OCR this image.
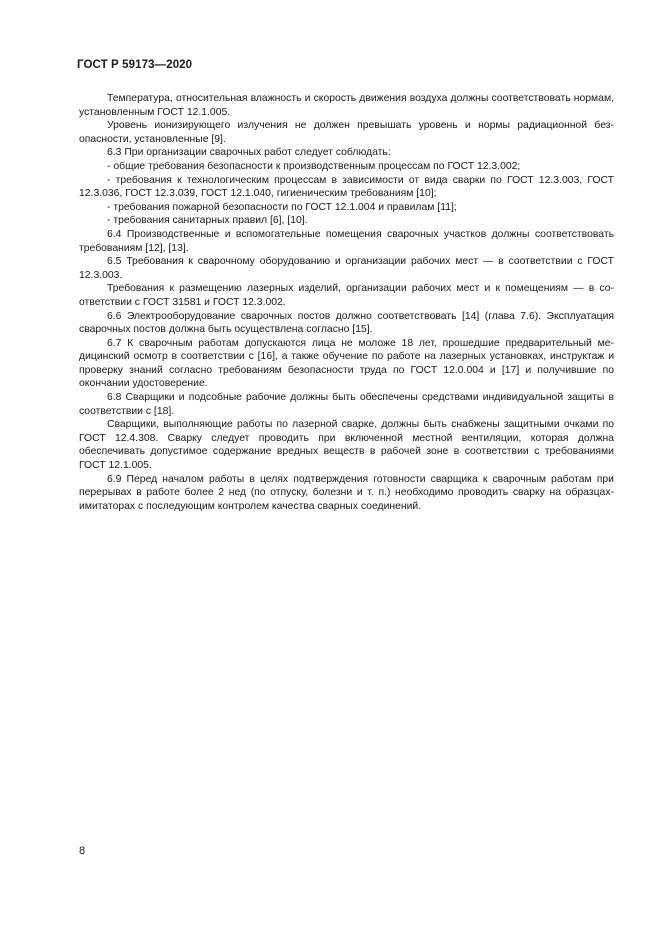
ГОСТ Р 59173—2020

Температура, относительная влажность и скорость движения воздуха должны соответствовать нормам, установленным ГОСТ 12.1.005.

Уровень ионизирующего излучения не должен превышать уровень и нормы радиационной безопасности, установленные [9].

6.3 При организации сварочных работ следует соблюдать:

- общие требования безопасности к производственным процессам по ГОСТ 12.3.002;

- требования к технологическим процессам в зависимости от вида сварки по ГОСТ 12.3.003, ГОСТ 12.3.036, ГОСТ 12.3.039, ГОСТ 12.1.040, гигиеническим требованиям [10];

- требования пожарной безопасности по ГОСТ 12.1.004 и правилам [11];

- требования санитарных правил [6], [10].

6.4 Производственные и вспомогательные помещения сварочных участков должны соответствовать требованиям [12], [13].

6.5 Требования к сварочному оборудованию и организации рабочих мест — в соответствии с ГОСТ 12.3.003.

Требования к размещению лазерных изделий, организации рабочих мест и к помещениям — в соответствии с ГОСТ 31581 и ГОСТ 12.3.002.

6.6 Электрооборудование сварочных постов должно соответствовать [14] (глава 7.6). Эксплуатация сварочных постов должна быть осуществлена согласно [15].

6.7 К сварочным работам допускаются лица не моложе 18 лет, прошедшие предварительный медицинский осмотр в соответствии с [16], а также обучение по работе на лазерных установках, инструктаж и проверку знаний согласно требованиям безопасности труда по ГОСТ 12.0.004 и [17] и получившие по окончании удостоверение.

6.8 Сварщики и подсобные рабочие должны быть обеспечены средствами индивидуальной защиты в соответствии с [18].

Сварщики, выполняющие работы по лазерной сварке, должны быть снабжены защитными очками по ГОСТ 12.4.308. Сварку следует проводить при включенной местной вентиляции, которая должна обеспечивать допустимое содержание вредных веществ в рабочей зоне в соответствии с требованиями ГОСТ 12.1.005.

6.9 Перед началом работы в целях подтверждения готовности сварщика к сварочным работам при перерывах в работе более 2 нед (по отпуску, болезни и т. п.) необходимо проводить сварку на образцах-имитаторах с последующим контролем качества сварных соединений.

8
